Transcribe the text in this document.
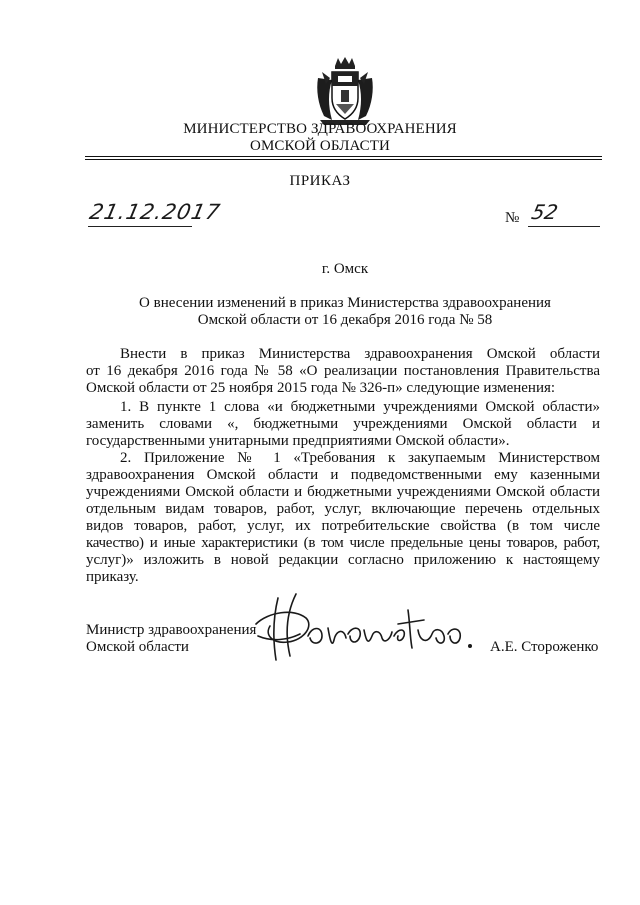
МИНИСТЕРСТВО ЗДРАВООХРАНЕНИЯ
ОМСКОЙ ОБЛАСТИ
ПРИКАЗ
21.12.2017	№ 52
г. Омск
О внесении изменений в приказ Министерства здравоохранения
Омской области от 16 декабря 2016 года № 58
Внести в приказ Министерства здравоохранения Омской области
от 16 декабря 2016 года № 58 «О реализации постановления Правительства
Омской области от 25 ноября 2015 года № 326-п» следующие изменения:
1. В пункте 1 слова «и бюджетными учреждениями Омской области»
заменить словами «, бюджетными учреждениями Омской области и
государственными унитарными предприятиями Омской области».
2. Приложение № 1 «Требования к закупаемым Министерством
здравоохранения Омской области и подведомственными ему казенными
учреждениями Омской области и бюджетными учреждениями Омской области
отдельным видам товаров, работ, услуг, включающие перечень отдельных
видов товаров, работ, услуг, их потребительские свойства (в том числе
качество) и иные характеристики (в том числе предельные цены товаров, работ,
услуг)» изложить в новой редакции согласно приложению к настоящему
приказу.
Министр здравоохранения
Омской области	А.Е. Стороженко
